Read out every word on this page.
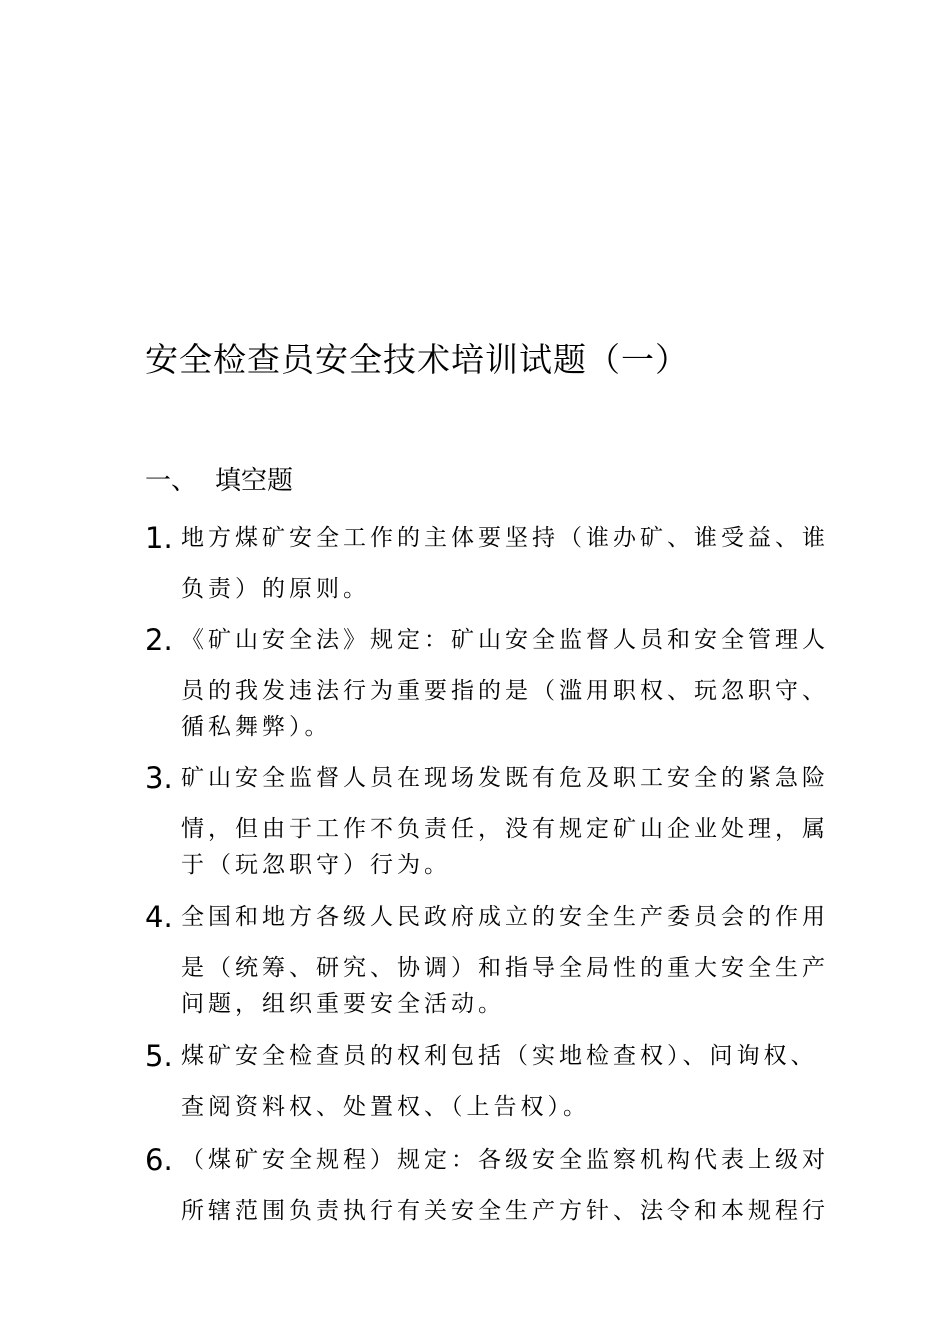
安全检查员安全技术培训试题（一）
一、 填空题
1. 地方煤矿安全工作的主体要坚持（谁办矿、谁受益、谁
负责）的原则。
2. 《矿山安全法》规定：矿山安全监督人员和安全管理人
员的我发违法行为重要指的是（滥用职权、玩忽职守、
循私舞弊）。
3. 矿山安全监督人员在现场发既有危及职工安全的紧急险
情，但由于工作不负责任，没有规定矿山企业处理，属
于（玩忽职守）行为。
4. 全国和地方各级人民政府成立的安全生产委员会的作用
是（统筹、研究、协调）和指导全局性的重大安全生产
问题，组织重要安全活动。
5. 煤矿安全检查员的权利包括（实地检查权）、问询权、
查阅资料权、处置权、（上告权）。
6. （煤矿安全规程）规定：各级安全监察机构代表上级对
所辖范围负责执行有关安全生产方针、法令和本规程行
